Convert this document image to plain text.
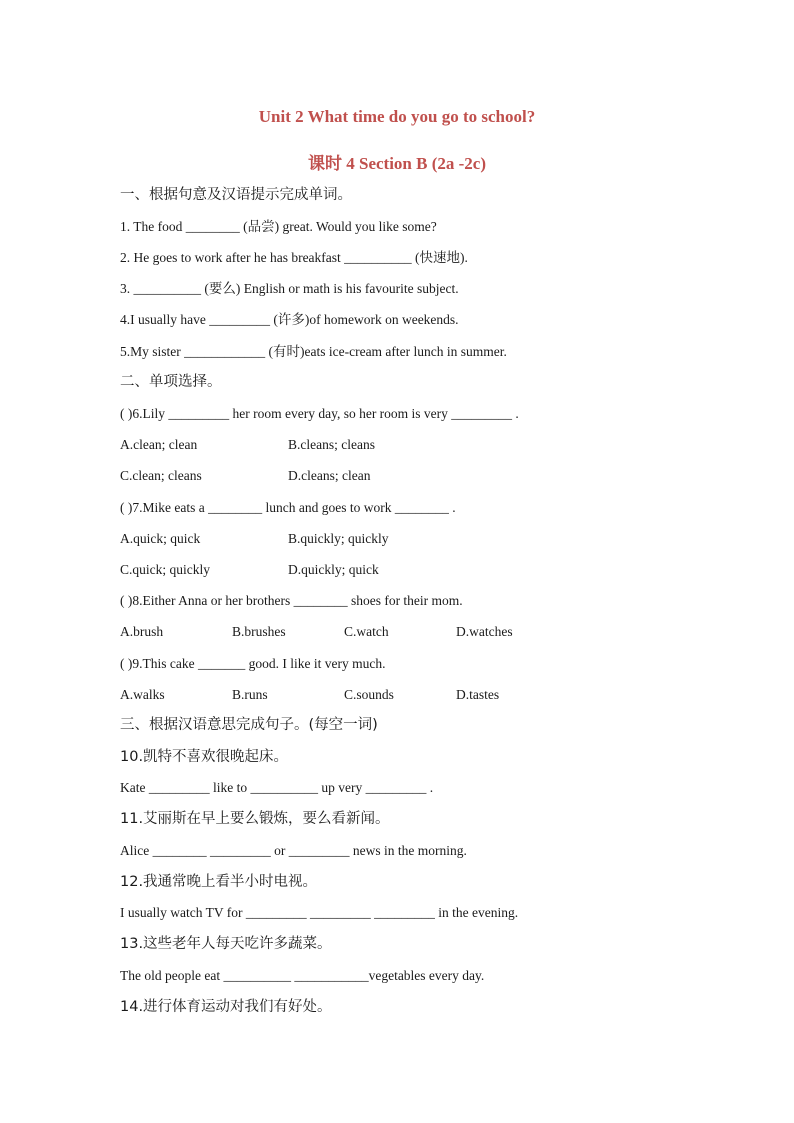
Unit 2 What time do you go to school?
课时 4 Section B (2a -2c)
一、根据句意及汉语提示完成单词。
1. The food ________ (品尝) great. Would you like some?
2. He goes to work after he has breakfast __________ (快速地).
3. __________ (要么) English or math is his favourite subject.
4.I usually have _________ (许多)of homework on weekends.
5.My sister ____________ (有时)eats ice-cream after lunch in summer.
二、单项选择。
( )6.Lily _________ her room every day, so her room is very _________ .
A.clean; clean	B.cleans; cleans
C.clean; cleans	D.cleans; clean
( )7.Mike eats a ________ lunch and goes to work ________ .
A.quick; quick	B.quickly; quickly
C.quick; quickly	D.quickly; quick
( )8.Either Anna or her brothers ________ shoes for their mom.
A.brush	B.brushes	C.watch	D.watches
( )9.This cake _______ good. I like it very much.
A.walks	B.runs	C.sounds	D.tastes
三、根据汉语意思完成句子。(每空一词)
10.凯特不喜欢很晚起床。
Kate _________ like to __________ up very _________ .
11.艾丽斯在早上要么锻炼，要么看新闻。
Alice ________ _________ or _________ news in the morning.
12.我通常晚上看半小时电视。
I usually watch TV for _________ _________ _________ in the evening.
13.这些老年人每天吃许多蔬菜。
The old people eat __________ ___________vegetables every day.
14.进行体育运动对我们有好处。
